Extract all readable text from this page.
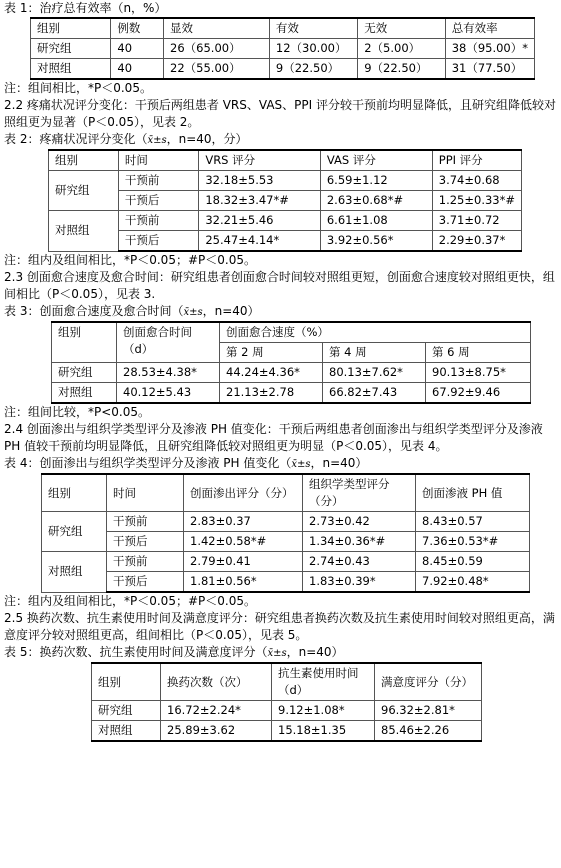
表 1：治疗总有效率（n，%）

组别	例数	显效	有效	无效	总有效率
研究组	40	26（65.00）	12（30.00）	2（5.00）	38（95.00）*
对照组	40	22（55.00）	9（22.50）	9（22.50）	31（77.50）

注：组间相比，*P＜0.05。

2.2 疼痛状况评分变化：干预后两组患者 VRS、VAS、PPI 评分较干预前均明显降低，且研究组降低较对照组更为显著（P＜0.05），见表 2。

表 2：疼痛状况评分变化（x̄±s，n=40，分）

组别	时间	VRS 评分	VAS 评分	PPI 评分
研究组	干预前	32.18±5.53	6.59±1.12	3.74±0.68
	干预后	18.32±3.47*#	2.63±0.68*#	1.25±0.33*#
对照组	干预前	32.21±5.46	6.61±1.08	3.71±0.72
	干预后	25.47±4.14*	3.92±0.56*	2.29±0.37*

注：组内及组间相比，*P＜0.05；#P＜0.05。

2.3 创面愈合速度及愈合时间：研究组患者创面愈合时间较对照组更短，创面愈合速度较对照组更快，组间相比（P＜0.05），见表 3.

表 3：创面愈合速度及愈合时间（x̄±s，n=40）

组别	创面愈合时间（d）	创面愈合速度（%）		
		第 2 周	第 4 周	第 6 周
研究组	28.53±4.38*	44.24±4.36*	80.13±7.62*	90.13±8.75*
对照组	40.12±5.43	21.13±2.78	66.82±7.43	67.92±9.46

注：组间比较，*P<0.05。

2.4 创面渗出与组织学类型评分及渗液 PH 值变化：干预后两组患者创面渗出与组织学类型评分及渗液 PH 值较干预前均明显降低，且研究组降低较对照组更为明显（P＜0.05），见表 4。

表 4：创面渗出与组织学类型评分及渗液 PH 值变化（x̄±s，n=40）

组别	时间	创面渗出评分（分）	组织学类型评分（分）	创面渗液 PH 值
研究组	干预前	2.83±0.37	2.73±0.42	8.43±0.57
	干预后	1.42±0.58*#	1.34±0.36*#	7.36±0.53*#
对照组	干预前	2.79±0.41	2.74±0.43	8.45±0.59
	干预后	1.81±0.56*	1.83±0.39*	7.92±0.48*

注：组内及组间相比，*P＜0.05；#P＜0.05。

2.5 换药次数、抗生素使用时间及满意度评分：研究组患者换药次数及抗生素使用时间较对照组更高，满意度评分较对照组更高，组间相比（P＜0.05），见表 5。

表 5：换药次数、抗生素使用时间及满意度评分（x̄±s，n=40）

组别	换药次数（次）	抗生素使用时间（d）	满意度评分（分）
研究组	16.72±2.24*	9.12±1.08*	96.32±2.81*
对照组	25.89±3.62	15.18±1.35	85.46±2.26
